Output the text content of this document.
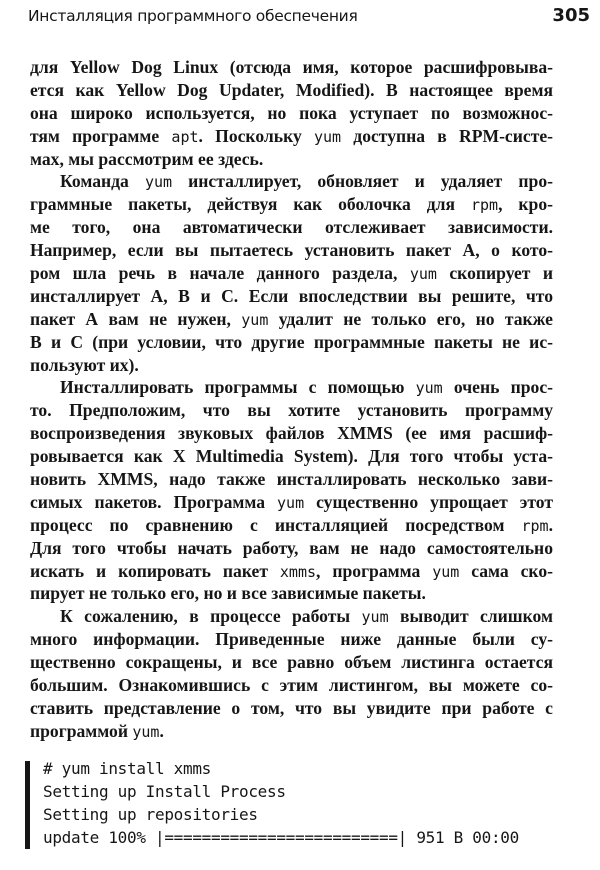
Инсталляция программного обеспечения	305
для Yellow Dog Linux (отсюда имя, которое расшифровыва-
ется как Yellow Dog Updater, Modified). В настоящее время
она широко используется, но пока уступает по возможнос-
тям программе apt. Поскольку yum доступна в RPM-систе-
мах, мы рассмотрим ее здесь.
Команда yum инсталлирует, обновляет и удаляет про-
граммные пакеты, действуя как оболочка для rpm, кро-
ме того, она автоматически отслеживает зависимости.
Например, если вы пытаетесь установить пакет А, о кото-
ром шла речь в начале данного раздела, yum скопирует и
инсталлирует А, В и С. Если впоследствии вы решите, что
пакет А вам не нужен, yum удалит не только его, но также
В и С (при условии, что другие программные пакеты не ис-
пользуют их).
Инсталлировать программы с помощью yum очень прос-
то. Предположим, что вы хотите установить программу
воспроизведения звуковых файлов XMMS (ее имя расшиф-
ровывается как X Multimedia System). Для того чтобы уста-
новить XMMS, надо также инсталлировать несколько зави-
симых пакетов. Программа yum существенно упрощает этот
процесс по сравнению с инсталляцией посредством rpm.
Для того чтобы начать работу, вам не надо самостоятельно
искать и копировать пакет xmms, программа yum сама ско-
пирует не только его, но и все зависимые пакеты.
К сожалению, в процессе работы yum выводит слишком
много информации. Приведенные ниже данные были су-
щественно сокращены, и все равно объем листинга остается
большим. Ознакомившись с этим листингом, вы можете со-
ставить представление о том, что вы увидите при работе с
программой yum.
# yum install xmms
Setting up Install Process
Setting up repositories
update 100% |=========================| 951 B 00:00
